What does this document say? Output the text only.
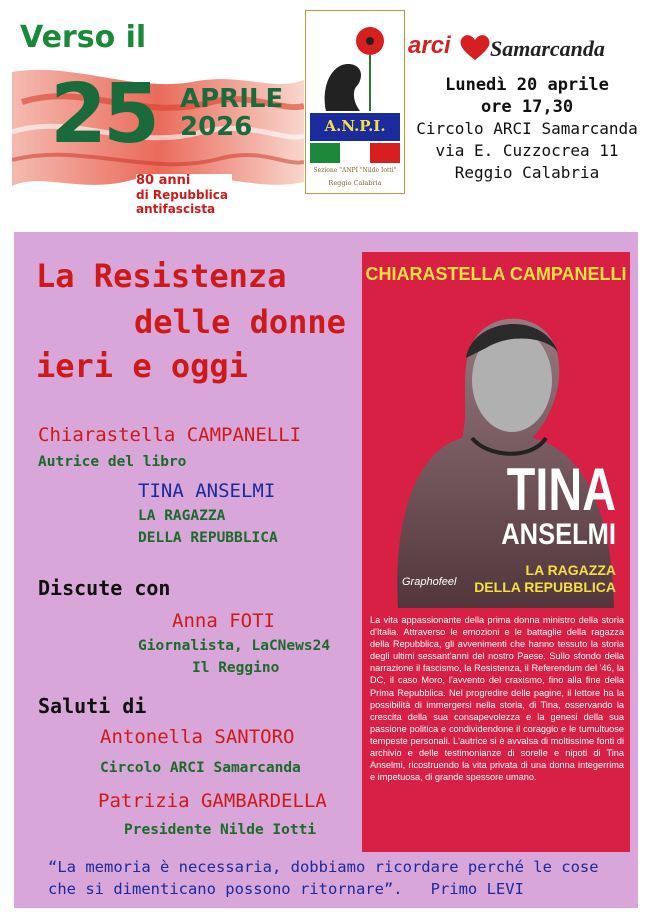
Verso il
25 APRILE
2026
80 anni
di Repubblica
antifascista
A.N.P.I.
Sezione "ANPI "Nilde Iotti"
Reggio Calabria
arci Samarcanda
Lunedì 20 aprile
ore 17,30
Circolo ARCI Samarcanda
via E. Cuzzocrea 11
Reggio Calabria
La Resistenza
delle donne
ieri e oggi
Chiarastella CAMPANELLI
Autrice del libro
TINA ANSELMI
LA RAGAZZA
DELLA REPUBBLICA
Discute con
Anna FOTI
Giornalista, LaCNews24
Il Reggino
Saluti di
Antonella SANTORO
Circolo ARCI Samarcanda
Patrizia GAMBARDELLA
Presidente Nilde Iotti
CHIARASTELLA CAMPANELLI
TINA
ANSELMI
LA RAGAZZA
DELLA REPUBBLICA
Graphofeel
La vita appassionante della prima donna ministro della storia d'Italia. Attraverso le emozioni e le battaglie della ragazza della Repubblica, gli avvenimenti che hanno tessuto la storia degli ultimi sessant'anni del nostro Paese. Sullo sfondo della narrazione il fascismo, la Resistenza, il Referendum del '46, la DC, il caso Moro, l'avvento del craxismo, fino alla fine della Prima Repubblica. Nel progredire delle pagine, il lettore ha la possibilità di immergersi nella storia, di Tina, osservando la crescita della sua consapevolezza e la genesi della sua passione politica e condividendone il coraggio e le tumultuose tempeste personali. L'autrice si è avvalsa di moltissime fonti di archivio e delle testimonianze di sorelle e nipoti di Tina Anselmi, ricostruendo la vita privata di una donna integerrima e impetuosa, di grande spessore umano.
“La memoria è necessaria, dobbiamo ricordare perché le cose
che si dimenticano possono ritornare”. Primo LEVI
